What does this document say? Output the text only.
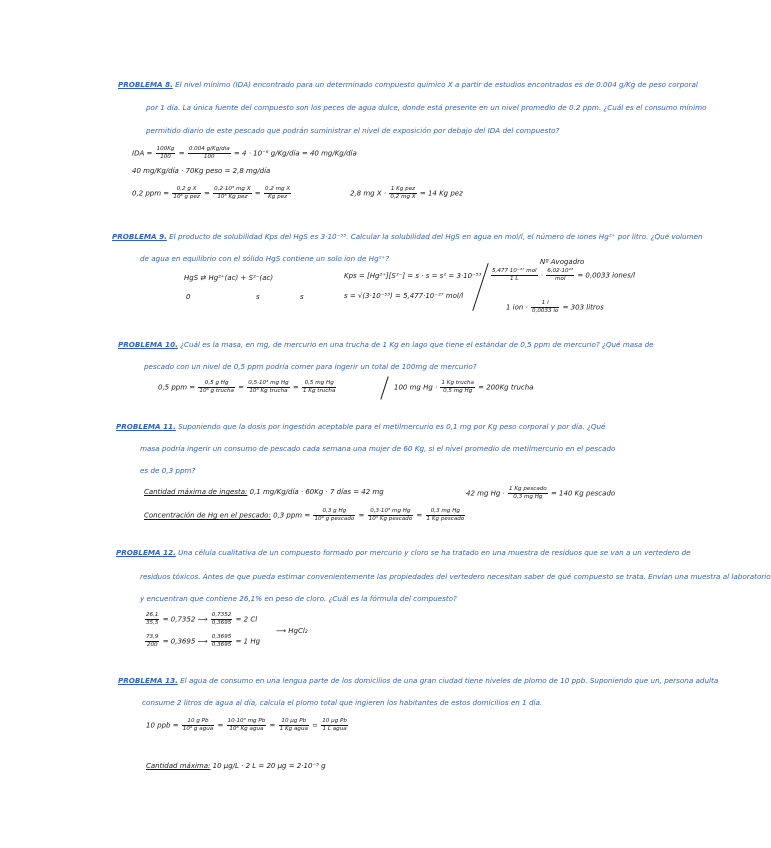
PROBLEMA 8. El nivel mínimo (IDA) encontrado para un determinado compuesto químico X a partir de estudios encontrados es de 0.004 g/Kg de peso corporal
por 1 día. La única fuente del compuesto son los peces de agua dulce, donde está presente en un nivel promedio de 0.2 ppm. ¿Cuál es el consumo mínimo
permitido diario de este pescado que podrán suministrar el nivel de exposición por debajo del IDA del compuesto?
IDA = $\frac{100Kg}{100} = \frac{\text{0.004 g/Kg/dia}}{100} = 4 \cdot 10^{-6}$ g/Kg/día = 40 mg/Kg/día
40 mg/Kg/día · 70Kg peso = 2,8 mg/día
0,2 ppm = $\frac{\text{0,2 g X}}{\text{10⁶ g pez}} = \frac{\text{0,2·10³ mg X}}{\text{10³ Kg pez}} = \frac{\text{0,2 mg X}}{\text{Kg pez}}$	2,8 mg $X \cdot \frac{\text{1 Kg pez}}{\text{0,2 mg X}} = 14$ Kg pez
PROBLEMA 9. El producto de solubilidad Kps del HgS es 3·10⁻⁵³. Calcular la solubilidad del HgS en agua en mol/l, el número de iones Hg²⁺ por litro. ¿Qué volumen
de agua en equilibrio con el sólido HgS contiene un solo ion de Hg²⁺?	Nº Avogadro
HgS ⇄ Hg²⁺(ac) + S²⁻(ac)	Kps = $[Hg^{2+}][S^{2-}] = s \cdot s = s^2 = 3\cdot 10^{-53} \frac{\text{5,477·10⁻²⁷ mol}}{1 L} \cdot \frac{\text{6,02·10²³}}{\text{mol}} = 0,0033$ iones/l
0	s	s	s = √(3·10⁻⁵³) = 5,477·10⁻²⁷ mol/l
1 ion · $\frac{1 l}{0,0033 io} = 303$ litros
PROBLEMA 10. ¿Cuál es la masa, en mg, de mercurio en una trucha de 1 Kg en lago que tiene el estándar de 0,5 ppm de mercurio? ¿Qué masa de
pescado con un nivel de 0,5 ppm podría comer para ingerir un total de 100mg de mercurio?
0,5 ppm = $\frac{\text{0,5 g Hg}}{\text{10⁶ g trucha}} = \frac{\text{0,5·10³ mg Hg}}{\text{10³ Kg trucha}} = \frac{\text{0,5 mg Hg}}{\text{1 Kg trucha}}$	100 mg $Hg \cdot \frac{\text{1 Kg trucha}}{\text{0,5 mg Hg}} = 200Kg$ trucha
PROBLEMA 11. Suponiendo que la dosis por ingestión aceptable para el metilmercurio es 0,1 mg por Kg peso corporal y por día. ¿Qué
masa podría ingerir un consumo de pescado cada semana una mujer de 60 Kg, si el nivel promedio de metilmercurio en el pescado
es de 0,3 ppm?
Cantidad máxima de ingesta: 0,1 mg/Kg/día · 60Kg · 7 días = 42 mg	42 mg $Hg \cdot \frac{\text{1 Kg pescado}}{\text{0,3 mg Hg}} = 140$ Kg pescado
Concentración de Hg en el pescado: 0,3 ppm = $\frac{\text{0,3 g Hg}}{\text{10⁶ g pescado}} = \frac{\text{0,3·10³ mg Hg}}{\text{10³ Kg pescado}} = \frac{\text{0,3 mg Hg}}{\text{1 Kg pescado}}$
PROBLEMA 12. Una célula cualitativa de un compuesto formado por mercurio y cloro se ha tratado en una muestra de residuos que se van a un vertedero de
residuos tóxicos. Antes de que pueda estimar convenientemente las propiedades del vertedero necesitan saber de qué compuesto se trata. Envían una muestra al laboratorio
y encuentran que contiene 26,1% en peso de cloro. ¿Cuál es la fórmula del compuesto?
$\frac{26,1}{35,5} = 0,7352$ ⟶ $\frac{0,7352}{0,3695} = 2$ Cl
$\frac{73,9}{200} = 0,3695$ ⟶ $\frac{0,3695}{0,3695} = 1$ Hg
⟶ HgCl₂
PROBLEMA 13. El agua de consumo en una lengua parte de los domicilios de una gran ciudad tiene niveles de plomo de 10 ppb. Suponiendo que un, persona adulta
consume 2 litros de agua al día, calcula el plomo total que ingieren los habitantes de estos domicilios en 1 día.
10 ppb = $\frac{\text{10 g Pb}}{\text{10⁹ g agua}} = \frac{\text{10·10³ mg Pb}}{\text{10⁶ Kg agua}} = \frac{\text{10 μg Pb}}{\text{1 Kg agua}}$ ≃ $\frac{\text{10 μg Pb}}{\text{1 L agua}}$
Cantidad máxima: 10 μg/L · 2 L = 20 μg = 2·10⁻⁵ g
